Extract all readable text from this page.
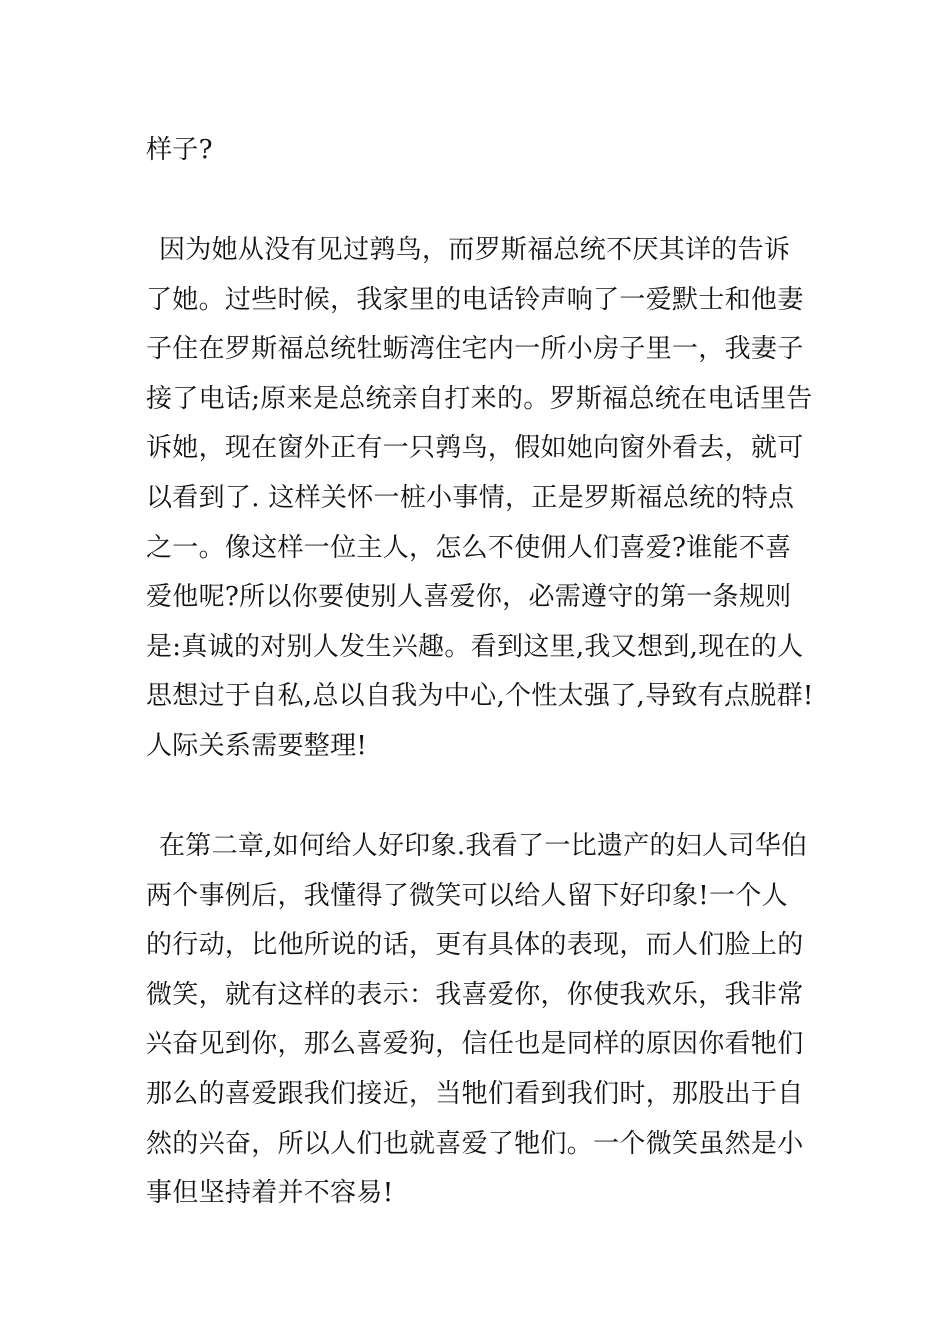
样子?
因为她从没有见过鹑鸟，而罗斯福总统不厌其详的告诉了她。过些时候，我家里的电话铃声响了一爱默士和他妻子住在罗斯福总统牡蛎湾住宅内一所小房子里一，我妻子接了电话;原来是总统亲自打来的。罗斯福总统在电话里告诉她，现在窗外正有一只鹑鸟，假如她向窗外看去，就可以看到了. 这样关怀一桩小事情，正是罗斯福总统的特点之一。像这样一位主人，怎么不使佣人们喜爱?谁能不喜爱他呢?所以你要使别人喜爱你，必需遵守的第一条规则是:真诚的对别人发生兴趣。看到这里,我又想到,现在的人思想过于自私,总以自我为中心,个性太强了,导致有点脱群!人际关系需要整理!
在第二章,如何给人好印象.我看了一比遗产的妇人司华伯两个事例后，我懂得了微笑可以给人留下好印象!一个人的行动，比他所说的话，更有具体的表现，而人们脸上的微笑，就有这样的表示：我喜爱你，你使我欢乐，我非常兴奋见到你，那么喜爱狗，信任也是同样的原因你看牠们那么的喜爱跟我们接近，当牠们看到我们时，那股出于自然的兴奋，所以人们也就喜爱了牠们。一个微笑虽然是小事但坚持着并不容易!
